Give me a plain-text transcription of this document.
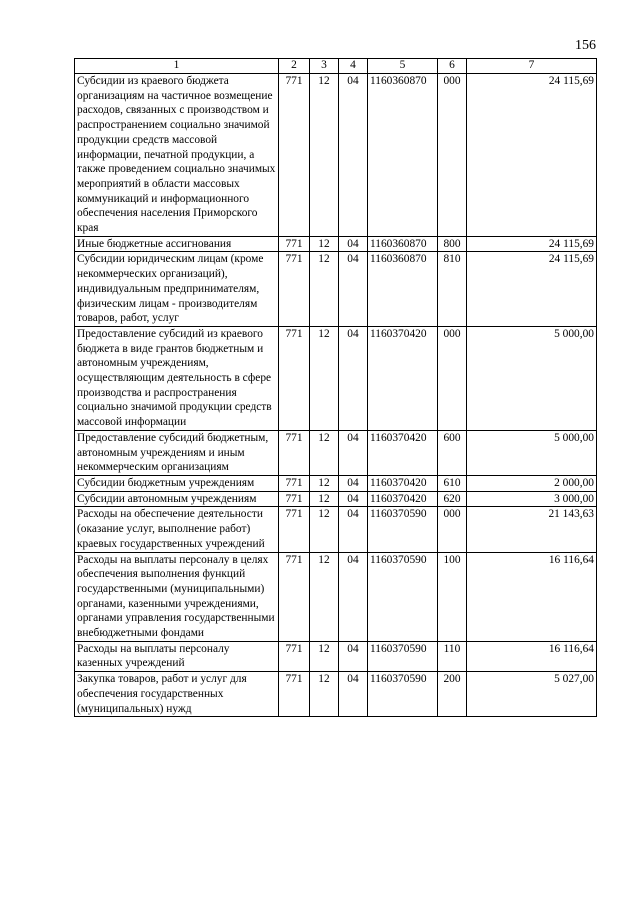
156
1	2	3	4	5	6	7
Субсидии из краевого бюджета организациям на частичное возмещение расходов, связанных с производством и распространением социально значимой продукции средств массовой информации, печатной продукции, а также проведением социально значимых мероприятий в области массовых коммуникаций и информационного обеспечения населения Приморского края	771	12	04	1160360870	000	24 115,69
Иные бюджетные ассигнования	771	12	04	1160360870	800	24 115,69
Субсидии юридическим лицам (кроме некоммерческих организаций), индивидуальным предпринимателям, физическим лицам - производителям товаров, работ, услуг	771	12	04	1160360870	810	24 115,69
Предоставление субсидий из краевого бюджета в виде грантов бюджетным и автономным учреждениям, осуществляющим деятельность в сфере производства и распространения социально значимой продукции средств массовой информации	771	12	04	1160370420	000	5 000,00
Предоставление субсидий бюджетным, автономным учреждениям и иным некоммерческим организациям	771	12	04	1160370420	600	5 000,00
Субсидии бюджетным учреждениям	771	12	04	1160370420	610	2 000,00
Субсидии автономным учреждениям	771	12	04	1160370420	620	3 000,00
Расходы на обеспечение деятельности (оказание услуг, выполнение работ) краевых государственных учреждений	771	12	04	1160370590	000	21 143,63
Расходы на выплаты персоналу в целях обеспечения выполнения функций государственными (муниципальными) органами, казенными учреждениями, органами управления государственными внебюджетными фондами	771	12	04	1160370590	100	16 116,64
Расходы на выплаты персоналу казенных учреждений	771	12	04	1160370590	110	16 116,64
Закупка товаров, работ и услуг для обеспечения государственных (муниципальных) нужд	771	12	04	1160370590	200	5 027,00
